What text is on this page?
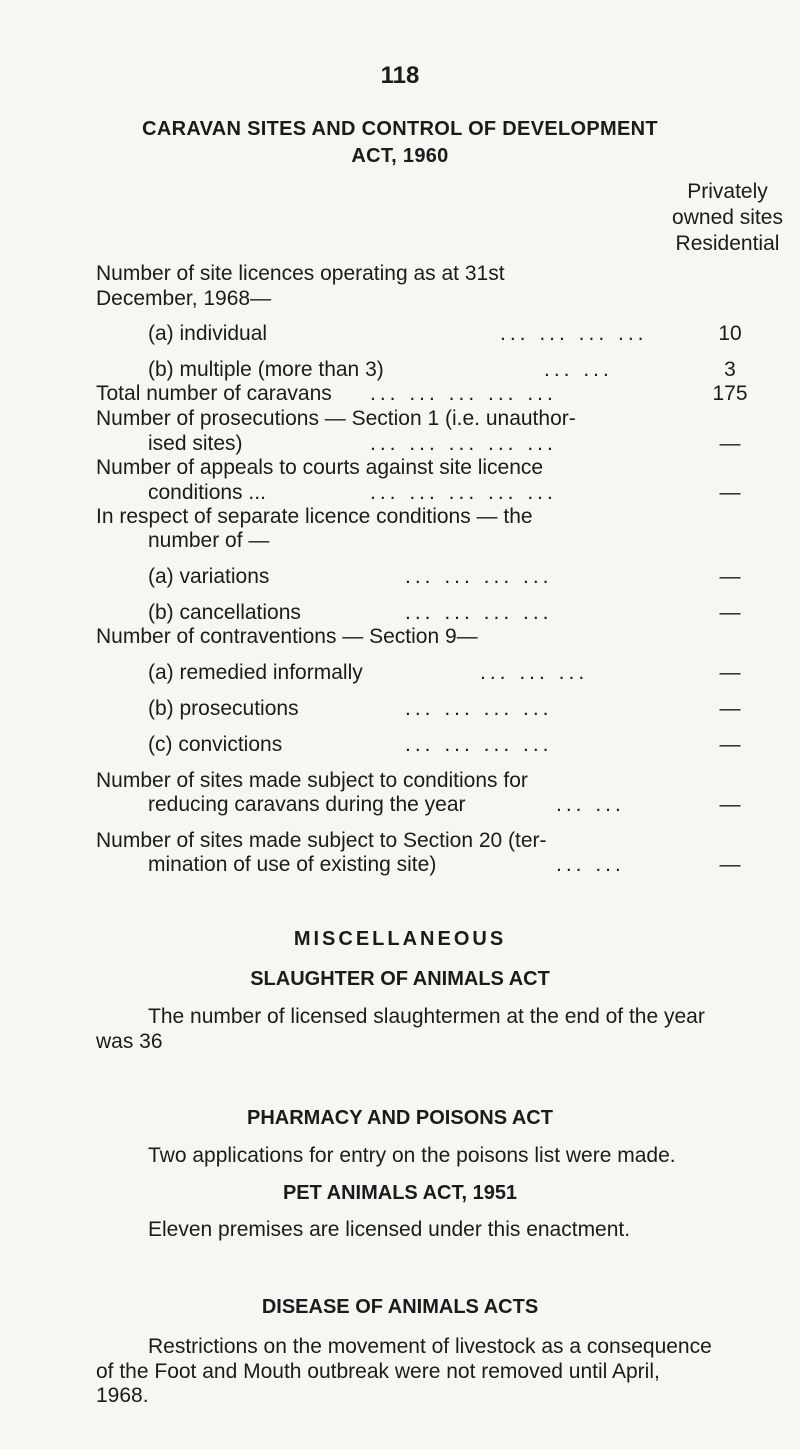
118
CARAVAN SITES AND CONTROL OF DEVELOPMENT
ACT, 1960
Privately
owned sites
Residential
Number of site licences operating as at 31st
December, 1968—
(a) individual	... ... ... ...	10
(b) multiple (more than 3)	... ...	3
Total number of caravans ... ... ... ... ...	175
Number of prosecutions — Section 1 (i.e. unauthor-
ised sites)	... ... ... ... ...	—
Number of appeals to courts against site licence
conditions ...	... ... ... ... ...	—
In respect of separate licence conditions — the
number of —
(a) variations	... ... ... ...	—
(b) cancellations	... ... ... ...	—
Number of contraventions — Section 9—
(a) remedied informally	... ... ...	—
(b) prosecutions	... ... ... ...	—
(c) convictions	... ... ... ...	—
Number of sites made subject to conditions for
reducing caravans during the year	... ...	—
Number of sites made subject to Section 20 (ter-
mination of use of existing site)	... ...	—
MISCELLANEOUS
SLAUGHTER OF ANIMALS ACT
The number of licensed slaughtermen at the end of the year
was 36
PHARMACY AND POISONS ACT
Two applications for entry on the poisons list were made.
PET ANIMALS ACT, 1951
Eleven premises are licensed under this enactment.
DISEASE OF ANIMALS ACTS
Restrictions on the movement of livestock as a consequence
of the Foot and Mouth outbreak were not removed until April,
1968.
